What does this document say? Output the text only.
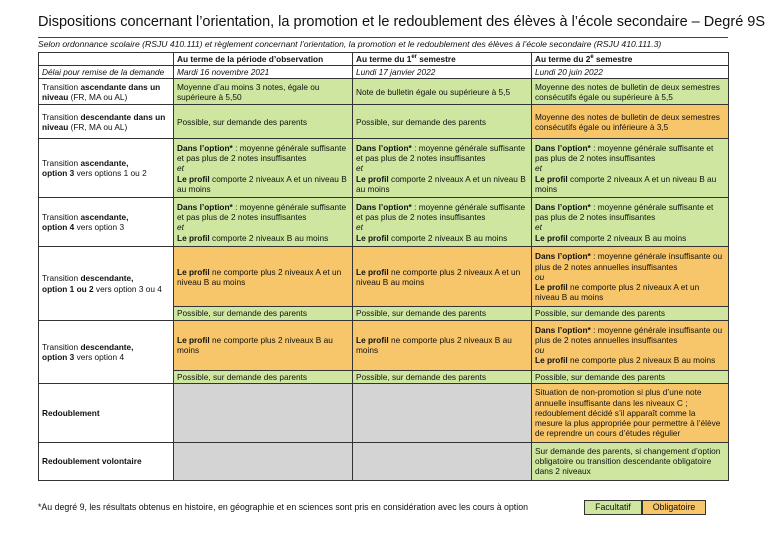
Dispositions concernant l’orientation, la promotion et le redoublement des élèves à l’école secondaire – Degré 9S
Selon ordonnance scolaire (RSJU 410.111) et règlement concernant l’orientation, la promotion et le redoublement des élèves à l’école secondaire (RSJU 410.111.3)
	Au terme de la période d’observation	Au terme du 1er semestre	Au terme du 2e semestre
Délai pour remise de la demande	Mardi 16 novembre 2021	Lundi 17 janvier 2022	Lundi 20 juin 2022
Transition ascendante dans un niveau (FR, MA ou AL)	Moyenne d’au moins 3 notes, égale ou supérieure à 5,50	Note de bulletin égale ou supérieure à 5,5	Moyenne des notes de bulletin de deux semestres consécutifs égale ou supérieure à 5,5
Transition descendante dans un niveau (FR, MA ou AL)	Possible, sur demande des parents	Possible, sur demande des parents	Moyenne des notes de bulletin de deux semestres consécutifs égale ou inférieure à 3,5
Transition ascendante,
option 3 vers options 1 ou 2	Dans l’option* : moyenne générale suffisante et pas plus de 2 notes insuffisantes
et
Le profil comporte 2 niveaux A et un niveau B au moins	Dans l’option* : moyenne générale suffisante et pas plus de 2 notes insuffisantes
et
Le profil comporte 2 niveaux A et un niveau B au moins	Dans l’option* : moyenne générale suffisante et pas plus de 2 notes insuffisantes
et
Le profil comporte 2 niveaux A et un niveau B au moins
Transition ascendante,
option 4 vers option 3	Dans l’option* : moyenne générale suffisante et pas plus de 2 notes insuffisantes
et
Le profil comporte 2 niveaux B au moins	Dans l’option* : moyenne générale suffisante et pas plus de 2 notes insuffisantes
et
Le profil comporte 2 niveaux B au moins	Dans l’option* : moyenne générale suffisante et pas plus de 2 notes insuffisantes
et
Le profil comporte 2 niveaux B au moins
Transition descendante,
option 1 ou 2 vers option 3 ou 4	Le profil ne comporte plus 2 niveaux A et un niveau B au moins	Le profil ne comporte plus 2 niveaux A et un niveau B au moins	Dans l’option* : moyenne générale insuffisante ou plus de 2 notes annuelles insuffisantes
ou
Le profil ne comporte plus 2 niveaux A et un niveau B au moins
	Possible, sur demande des parents	Possible, sur demande des parents	Possible, sur demande des parents
Transition descendante,
option 3 vers option 4	Le profil ne comporte plus 2 niveaux B au moins	Le profil ne comporte plus 2 niveaux B au moins	Dans l’option* : moyenne générale insuffisante ou plus de 2 notes annuelles insuffisantes
ou
Le profil ne comporte plus 2 niveaux B au moins
	Possible, sur demande des parents	Possible, sur demande des parents	Possible, sur demande des parents
Redoublement			Situation de non-promotion si plus d’une note annuelle insuffisante dans les niveaux C ; redoublement décidé s’il apparaît comme la mesure la plus appropriée pour permettre à l’élève de reprendre un cours d’études régulier
Redoublement volontaire			Sur demande des parents, si changement d’option obligatoire ou transition descendante obligatoire dans 2 niveaux
*Au degré 9, les résultats obtenus en histoire, en géographie et en sciences sont pris en considération avec les cours à option	Facultatif	Obligatoire
